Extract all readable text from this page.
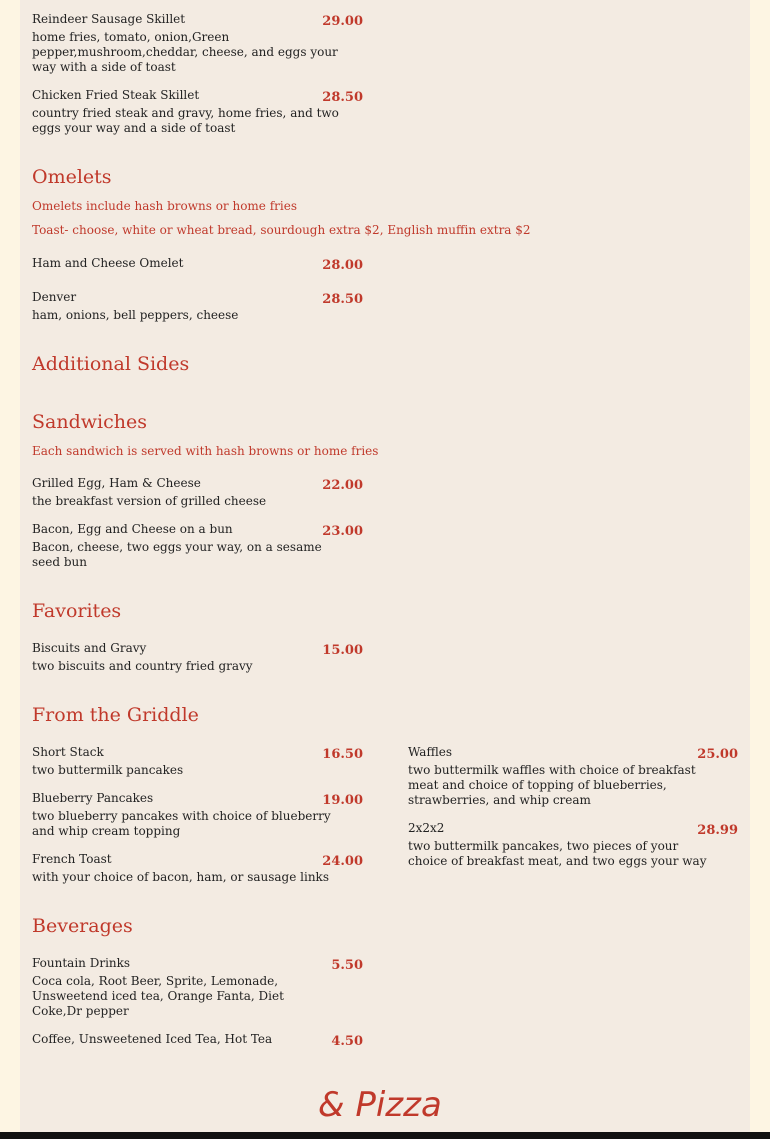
Reindeer Sausage Skillet	29.00
home fries, tomato, onion,Green pepper,mushroom,cheddar, cheese, and eggs your way with a side of toast
Chicken Fried Steak Skillet	28.50
country fried steak and gravy, home fries, and two eggs your way and a side of toast
Omelets
Omelets include hash browns or home fries
Toast- choose, white or wheat bread, sourdough extra $2, English muffin extra $2
Ham and Cheese Omelet	28.00
Denver	28.50
ham, onions, bell peppers, cheese
Additional Sides
Sandwiches
Each sandwich is served with hash browns or home fries
Grilled Egg, Ham & Cheese	22.00
the breakfast version of grilled cheese
Bacon, Egg and Cheese on a bun	23.00
Bacon, cheese, two eggs your way, on a sesame seed bun
Favorites
Biscuits and Gravy	15.00
two biscuits and country fried gravy
From the Griddle
Short Stack	16.50
two buttermilk pancakes
Blueberry Pancakes	19.00
two blueberry pancakes with choice of blueberry and whip cream topping
French Toast	24.00
with your choice of bacon, ham, or sausage links
Waffles	25.00
two buttermilk waffles with choice of breakfast meat and choice of topping of blueberries, strawberries, and whip cream
2x2x2	28.99
two buttermilk pancakes, two pieces of your choice of breakfast meat, and two eggs your way
Beverages
Fountain Drinks	5.50
Coca cola, Root Beer, Sprite, Lemonade, Unsweetend iced tea, Orange Fanta, Diet Coke,Dr pepper
Coffee, Unsweetened Iced Tea, Hot Tea	4.50
& Pizza
